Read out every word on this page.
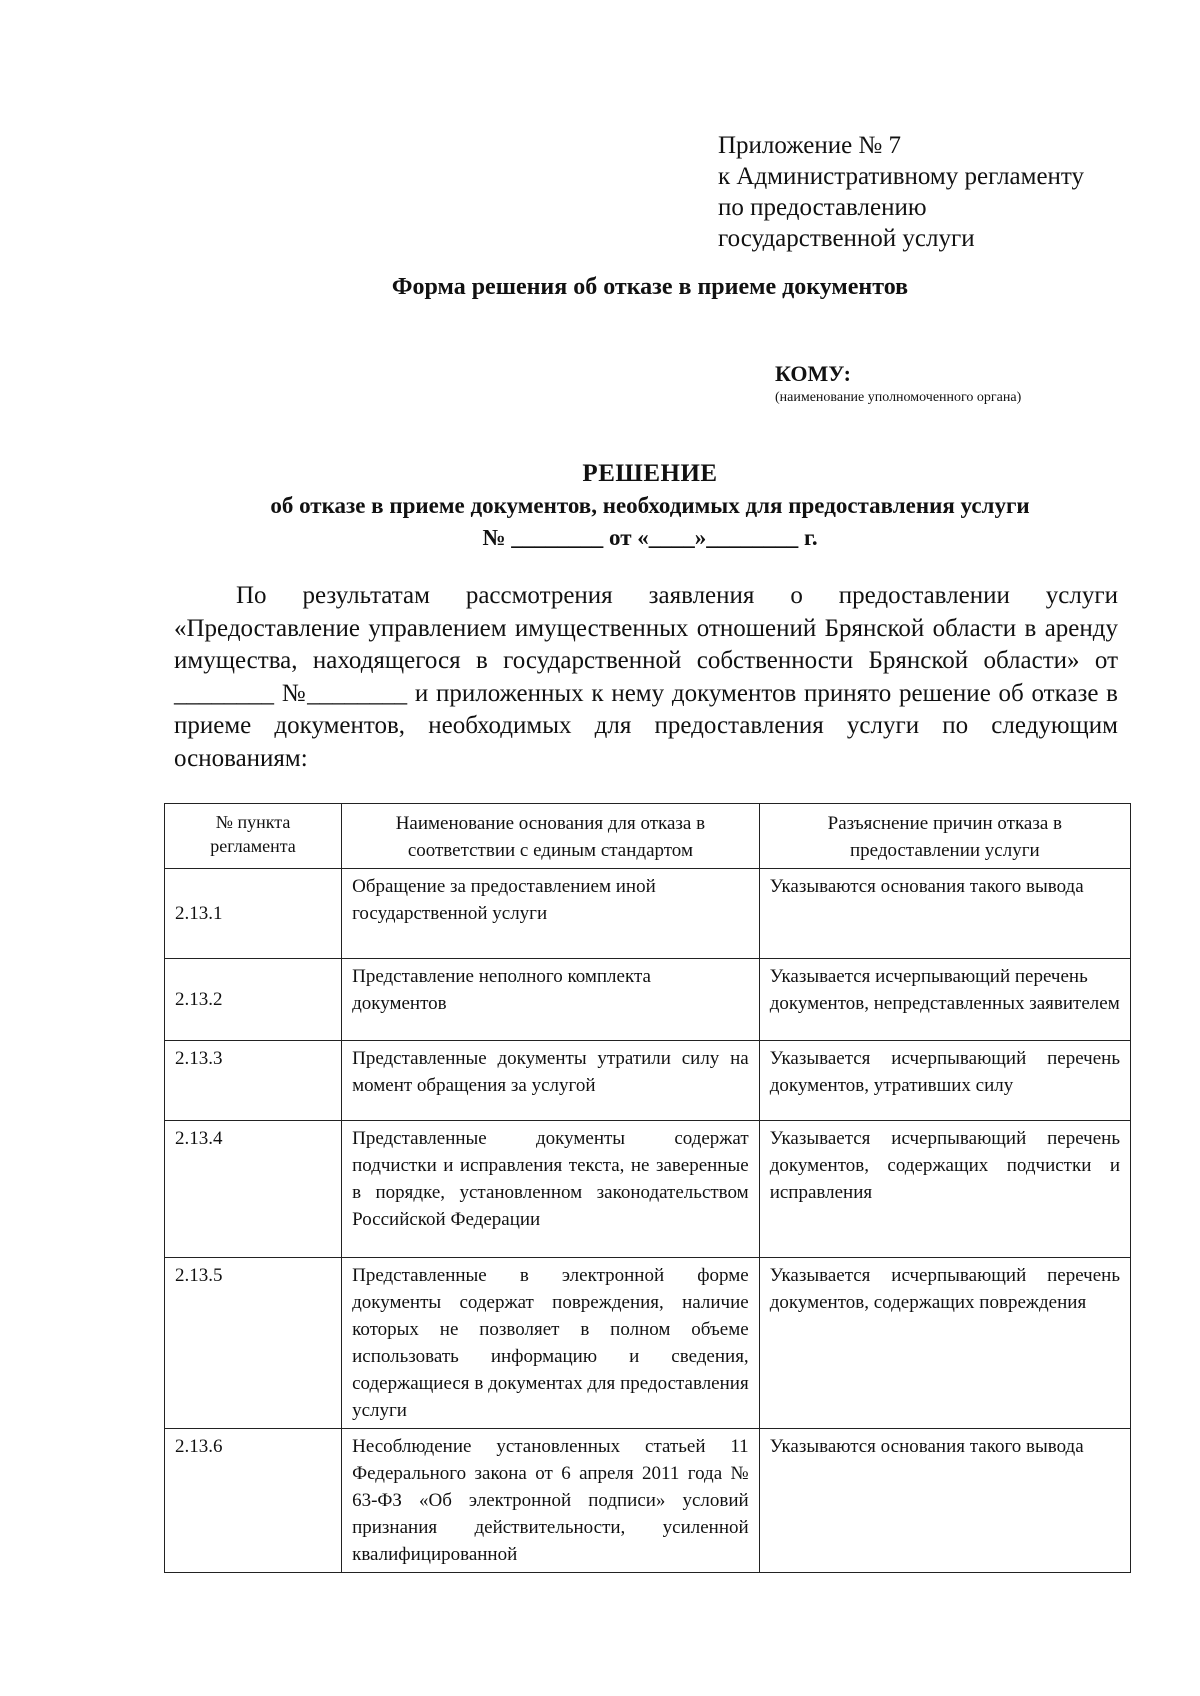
Приложение № 7
к Административному регламенту
по предоставлению
государственной услуги
Форма решения об отказе в приеме документов
КОМУ:
(наименование уполномоченного органа)
РЕШЕНИЕ
об отказе в приеме документов, необходимых для предоставления услуги
№ ________ от «____»________ г.
По результатам рассмотрения заявления о предоставлении услуги «Предоставление управлением имущественных отношений Брянской области в аренду имущества, находящегося в государственной собственности Брянской области» от ________ №________ и приложенных к нему документов принято решение об отказе в приеме документов, необходимых для предоставления услуги по следующим основаниям:
№ пункта регламента	Наименование основания для отказа в соответствии с единым стандартом	Разъяснение причин отказа в предоставлении услуги
2.13.1	Обращение за предоставлением иной государственной услуги	Указываются основания такого вывода
2.13.2	Представление неполного комплекта документов	Указывается исчерпывающий перечень документов, непредставленных заявителем
2.13.3	Представленные документы утратили силу на момент обращения за услугой	Указывается исчерпывающий перечень документов, утративших силу
2.13.4	Представленные документы содержат подчистки и исправления текста, не заверенные в порядке, установленном законодательством Российской Федерации	Указывается исчерпывающий перечень документов, содержащих подчистки и исправления
2.13.5	Представленные в электронной форме документы содержат повреждения, наличие которых не позволяет в полном объеме использовать информацию и сведения, содержащиеся в документах для предоставления услуги	Указывается исчерпывающий перечень документов, содержащих повреждения
2.13.6	Несоблюдение установленных статьей 11 Федерального закона от 6 апреля 2011 года № 63-ФЗ «Об электронной подписи» условий признания действительности, усиленной квалифицированной	Указываются основания такого вывода
